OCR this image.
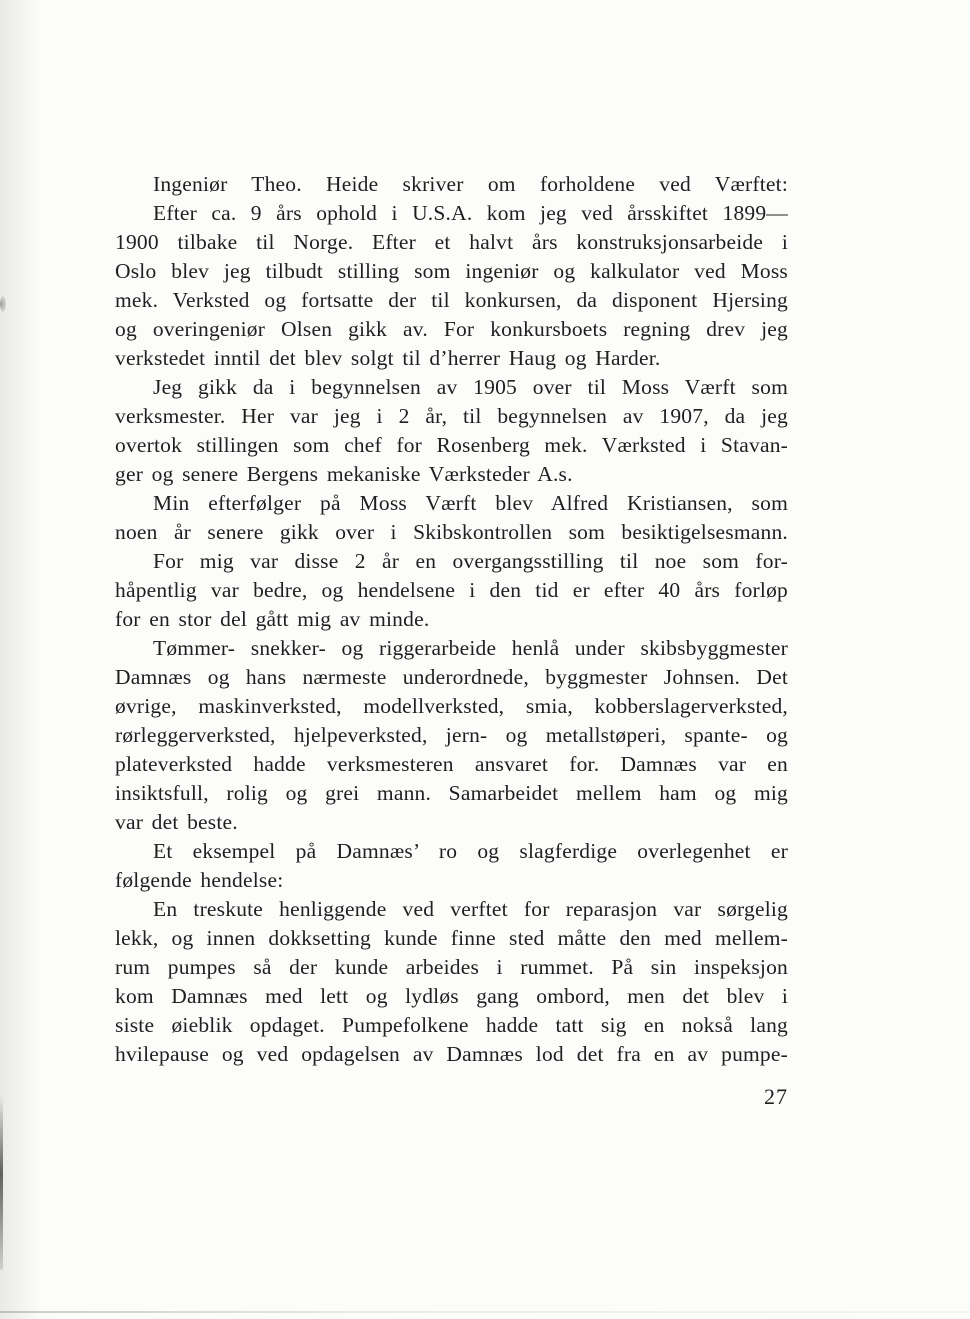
Ingeniør Theo. Heide skriver om forholdene ved Værftet:
Efter ca. 9 års ophold i U.S.A. kom jeg ved årsskiftet 1899—
1900 tilbake til Norge. Efter et halvt års konstruksjonsarbeide i
Oslo blev jeg tilbudt stilling som ingeniør og kalkulator ved Moss
mek. Verksted og fortsatte der til konkursen, da disponent Hjersing
og overingeniør Olsen gikk av. For konkursboets regning drev jeg
verkstedet inntil det blev solgt til d’herrer Haug og Harder.
Jeg gikk da i begynnelsen av 1905 over til Moss Værft som
verksmester. Her var jeg i 2 år, til begynnelsen av 1907, da jeg
overtok stillingen som chef for Rosenberg mek. Værksted i Stavan-
ger og senere Bergens mekaniske Værksteder A.s.
Min efterfølger på Moss Værft blev Alfred Kristiansen, som
noen år senere gikk over i Skibskontrollen som besiktigelsesmann.
For mig var disse 2 år en overgangsstilling til noe som for-
håpentlig var bedre, og hendelsene i den tid er efter 40 års forløp
for en stor del gått mig av minde.
Tømmer- snekker- og riggerarbeide henlå under skibsbyggmester
Damnæs og hans nærmeste underordnede, byggmester Johnsen. Det
øvrige, maskinverksted, modellverksted, smia, kobberslagerverksted,
rørleggerverksted, hjelpeverksted, jern- og metallstøperi, spante- og
plateverksted hadde verksmesteren ansvaret for. Damnæs var en
insiktsfull, rolig og grei mann. Samarbeidet mellem ham og mig
var det beste.
Et eksempel på Damnæs’ ro og slagferdige overlegenhet er
følgende hendelse:
En treskute henliggende ved verftet for reparasjon var sørgelig
lekk, og innen dokksetting kunde finne sted måtte den med mellem-
rum pumpes så der kunde arbeides i rummet. På sin inspeksjon
kom Damnæs med lett og lydløs gang ombord, men det blev i
siste øieblik opdaget. Pumpefolkene hadde tatt sig en nokså lang
hvilepause og ved opdagelsen av Damnæs lod det fra en av pumpe-
27
